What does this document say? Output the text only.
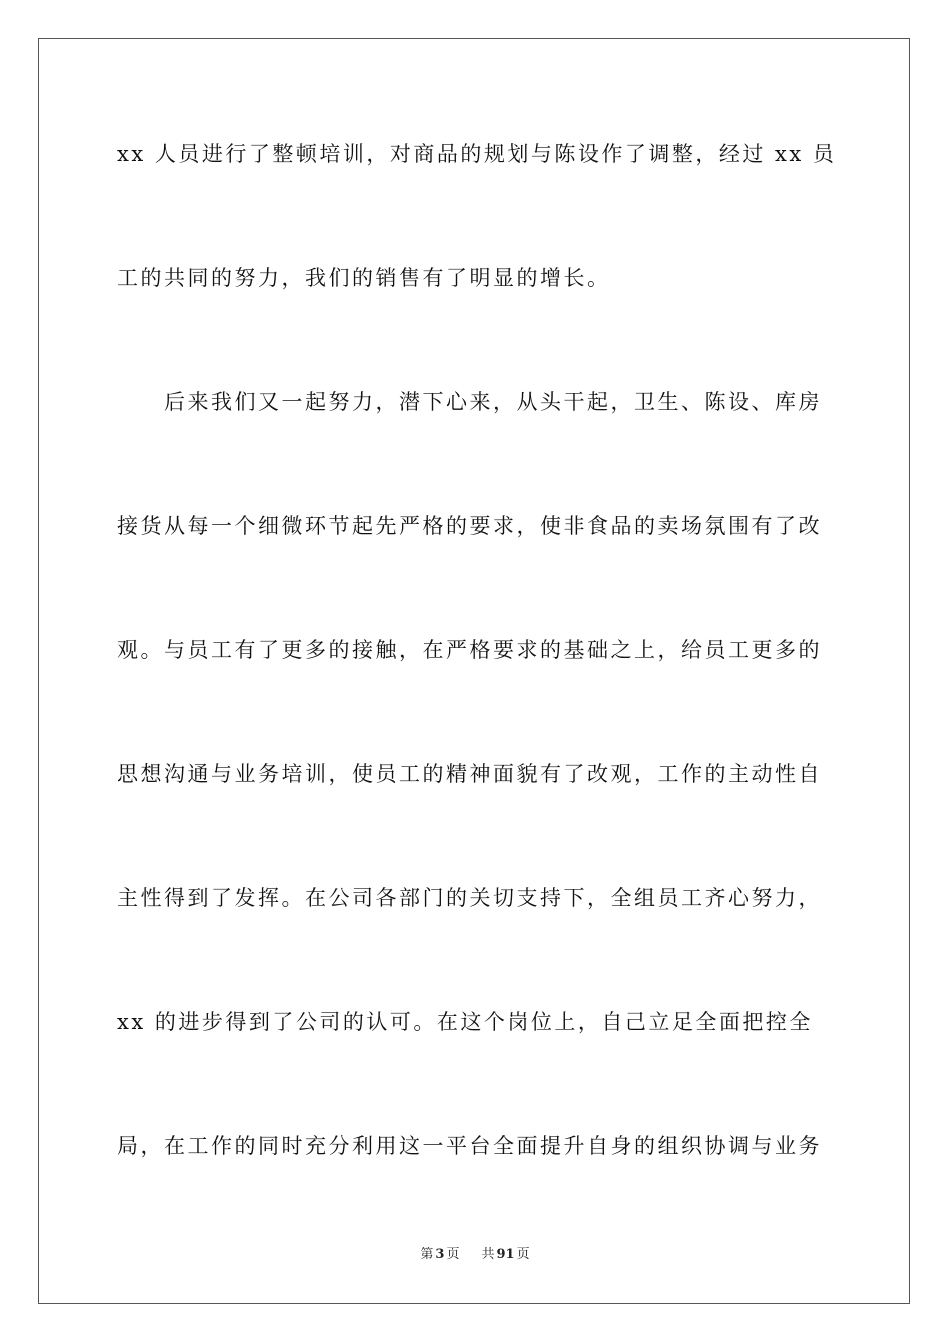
xx 人员进行了整顿培训，对商品的规划与陈设作了调整，经过 xx 员
工的共同的努力，我们的销售有了明显的增长。
后来我们又一起努力，潜下心来，从头干起，卫生、陈设、库房
接货从每一个细微环节起先严格的要求，使非食品的卖场氛围有了改
观。与员工有了更多的接触，在严格要求的基础之上，给员工更多的
思想沟通与业务培训，使员工的精神面貌有了改观，工作的主动性自
主性得到了发挥。在公司各部门的关切支持下，全组员工齐心努力，
xx 的进步得到了公司的认可。在这个岗位上，自己立足全面把控全
局，在工作的同时充分利用这一平台全面提升自身的组织协调与业务
第 3 页 共 91 页
